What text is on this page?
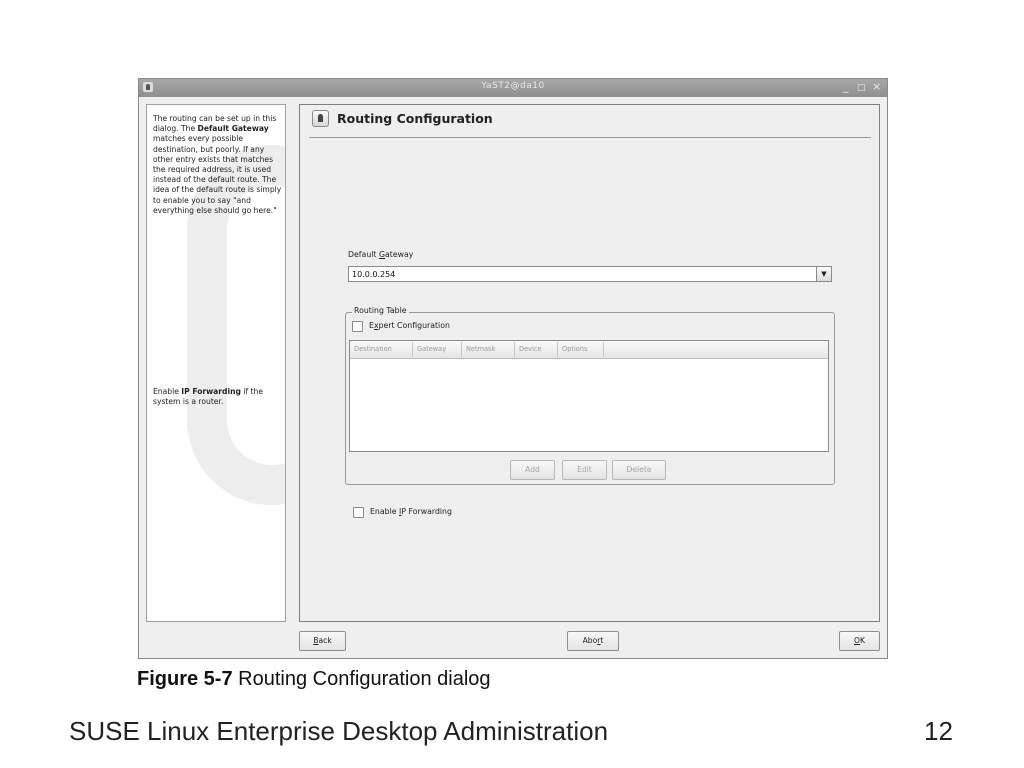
YaST2@da10	_ □ ×

The routing can be set up in this dialog. The Default Gateway matches every possible destination, but poorly. If any other entry exists that matches the required address, it is used instead of the default route. The idea of the default route is simply to enable you to say "and everything else should go here."

Enable IP Forwarding if the system is a router.

Routing Configuration
Default Gateway
10.0.0.254
▼
Routing Table
Expert Configuration
Destination	Gateway	Netmask	Device	Options
Add	Edit	Delete
Enable IP Forwarding
Back	Abort	OK
Figure 5-7 Routing Configuration dialog
SUSE Linux Enterprise Desktop Administration	12
